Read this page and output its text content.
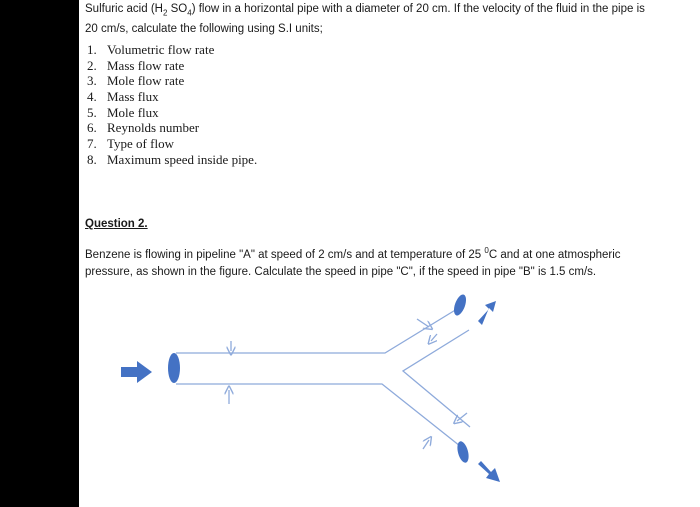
Sulfuric acid ($H_2$ $SO_4$) flow in a horizontal pipe with a diameter of 20 cm. If the velocity of the fluid in the pipe is 20 cm/s, calculate the following using S.I units;
1. Volumetric flow rate
2. Mass flow rate
3. Mole flow rate
4. Mass flux
5. Mole flux
6. Reynolds number
7. Type of flow
8. Maximum speed inside pipe.
Question 2.
Benzene is flowing in pipeline "A" at speed of 2 cm/s and at temperature of 25 $^0$C and at one atmospheric pressure, as shown in the figure. Calculate the speed in pipe "C", if the speed in pipe "B" is 1.5 cm/s.
